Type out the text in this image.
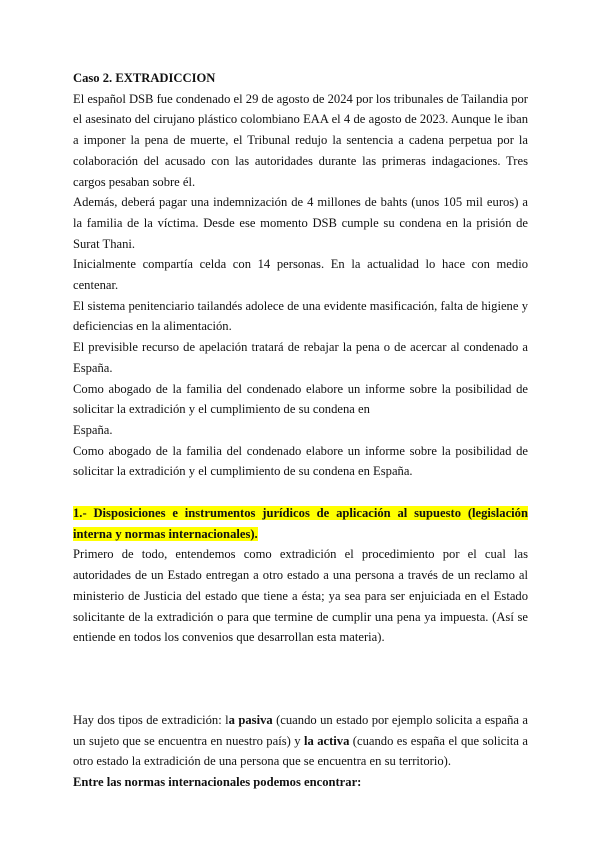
Caso 2. EXTRADICCION

El español DSB fue condenado el 29 de agosto de 2024 por los tribunales de Tailandia por el asesinato del cirujano plástico colombiano EAA el 4 de agosto de 2023. Aunque le iban a imponer la pena de muerte, el Tribunal redujo la sentencia a cadena perpetua por la colaboración del acusado con las autoridades durante las primeras indagaciones. Tres cargos pesaban sobre él.

Además, deberá pagar una indemnización de 4 millones de bahts (unos 105 mil euros) a la familia de la víctima. Desde ese momento DSB cumple su condena en la prisión de Surat Thani.

Inicialmente compartía celda con 14 personas. En la actualidad lo hace con medio centenar.

El sistema penitenciario tailandés adolece de una evidente masificación, falta de higiene y deficiencias en la alimentación.

El previsible recurso de apelación tratará de rebajar la pena o de acercar al condenado a España.

Como abogado de la familia del condenado elabore un informe sobre la posibilidad de solicitar la extradición y el cumplimiento de su condena en

España.

Como abogado de la familia del condenado elabore un informe sobre la posibilidad de solicitar la extradición y el cumplimiento de su condena en España.

1.- Disposiciones e instrumentos jurídicos de aplicación al supuesto (legislación interna y normas internacionales).

Primero de todo, entendemos como extradición el procedimiento por el cual las autoridades de un Estado entregan a otro estado a una persona a través de un reclamo al ministerio de Justicia del estado que tiene a ésta; ya sea para ser enjuiciada en el Estado solicitante de la extradición o para que termine de cumplir una pena ya impuesta. (Así se entiende en todos los convenios que desarrollan esta materia).

Hay dos tipos de extradición: la pasiva (cuando un estado por ejemplo solicita a españa a un sujeto que se encuentra en nuestro país) y la activa (cuando es españa el que solicita a otro estado la extradición de una persona que se encuentra en su territorio).

Entre las normas internacionales podemos encontrar:
